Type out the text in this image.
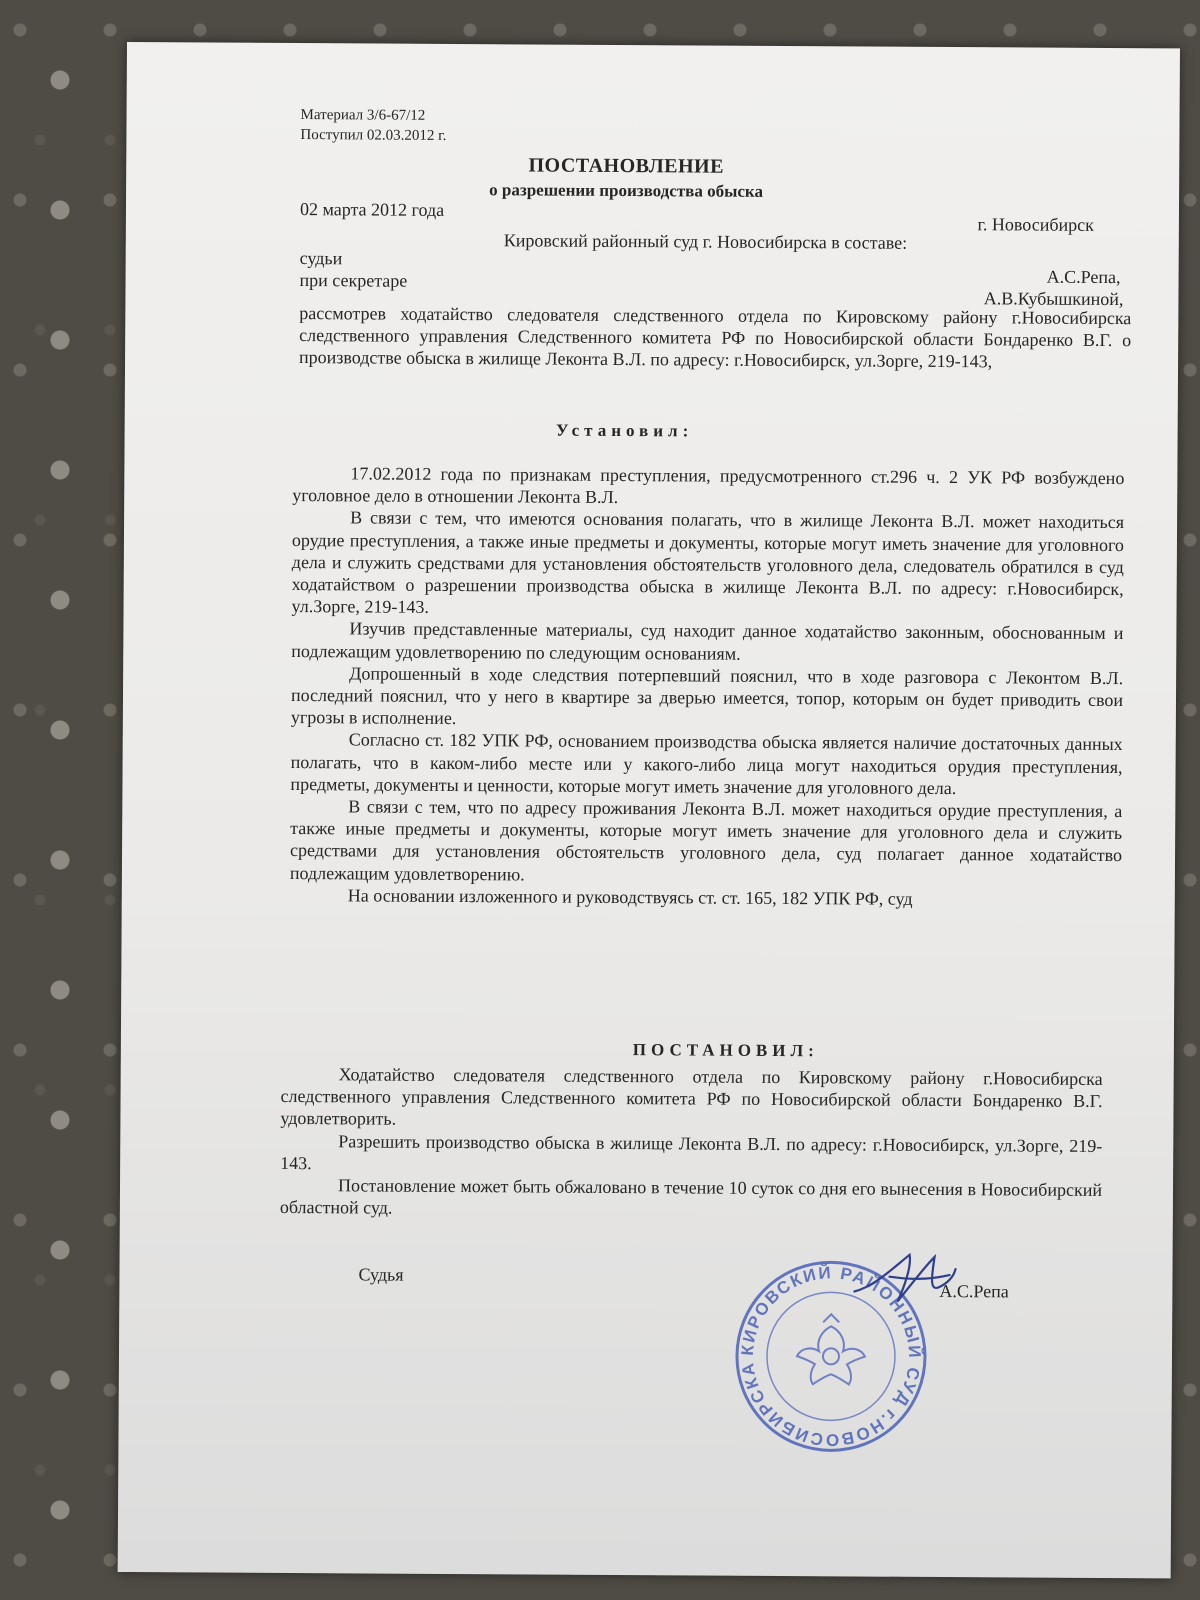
Материал 3/6-67/12
Поступил 02.03.2012 г.
ПОСТАНОВЛЕНИЕ
о разрешении производства обыска
02 марта 2012 года
г. Новосибирск
Кировский районный суд г. Новосибирска в составе:
судьи
А.С.Репа,
при секретаре
А.В.Кубышкиной,

рассмотрев ходатайство следователя следственного отдела по Кировскому району г.Новосибирска следственного управления Следственного комитета РФ по Новосибирской области Бондаренко В.Г. о производстве обыска в жилище Леконта В.Л. по адресу: г.Новосибирск, ул.Зорге, 219-143,

Установил:

17.02.2012 года по признакам преступления, предусмотренного ст.296 ч. 2 УК РФ возбуждено уголовное дело в отношении Леконта В.Л.

В связи с тем, что имеются основания полагать, что в жилище Леконта В.Л. может находиться орудие преступления, а также иные предметы и документы, которые могут иметь значение для уголовного дела и служить средствами для установления обстоятельств уголовного дела, следователь обратился в суд ходатайством о разрешении производства обыска в жилище Леконта В.Л. по адресу: г.Новосибирск, ул.Зорге, 219-143.

Изучив представленные материалы, суд находит данное ходатайство законным, обоснованным и подлежащим удовлетворению по следующим основаниям.

Допрошенный в ходе следствия потерпевший пояснил, что в ходе разговора с Леконтом В.Л. последний пояснил, что у него в квартире за дверью имеется, топор, которым он будет приводить свои угрозы в исполнение.

Согласно ст. 182 УПК РФ, основанием производства обыска является наличие достаточных данных полагать, что в каком-либо месте или у какого-либо лица могут находиться орудия преступления, предметы, документы и ценности, которые могут иметь значение для уголовного дела.

В связи с тем, что по адресу проживания Леконта В.Л. может находиться орудие преступления, а также иные предметы и документы, которые могут иметь значение для уголовного дела и служить средствами для установления обстоятельств уголовного дела, суд полагает данное ходатайство подлежащим удовлетворению.

На основании изложенного и руководствуясь ст. ст. 165, 182 УПК РФ, суд

ПОСТАНОВИЛ:

Ходатайство следователя следственного отдела по Кировскому району г.Новосибирска следственного управления Следственного комитета РФ по Новосибирской области Бондаренко В.Г. удовлетворить.

Разрешить производство обыска в жилище Леконта В.Л. по адресу: г.Новосибирск, ул.Зорге, 219-143.

Постановление может быть обжаловано в течение 10 суток со дня его вынесения в Новосибирский областной суд.

Судья
А.С.Репа
КИРОВСКИЙ РАЙОННЫЙ СУД г.НОВОСИБИРСКА
